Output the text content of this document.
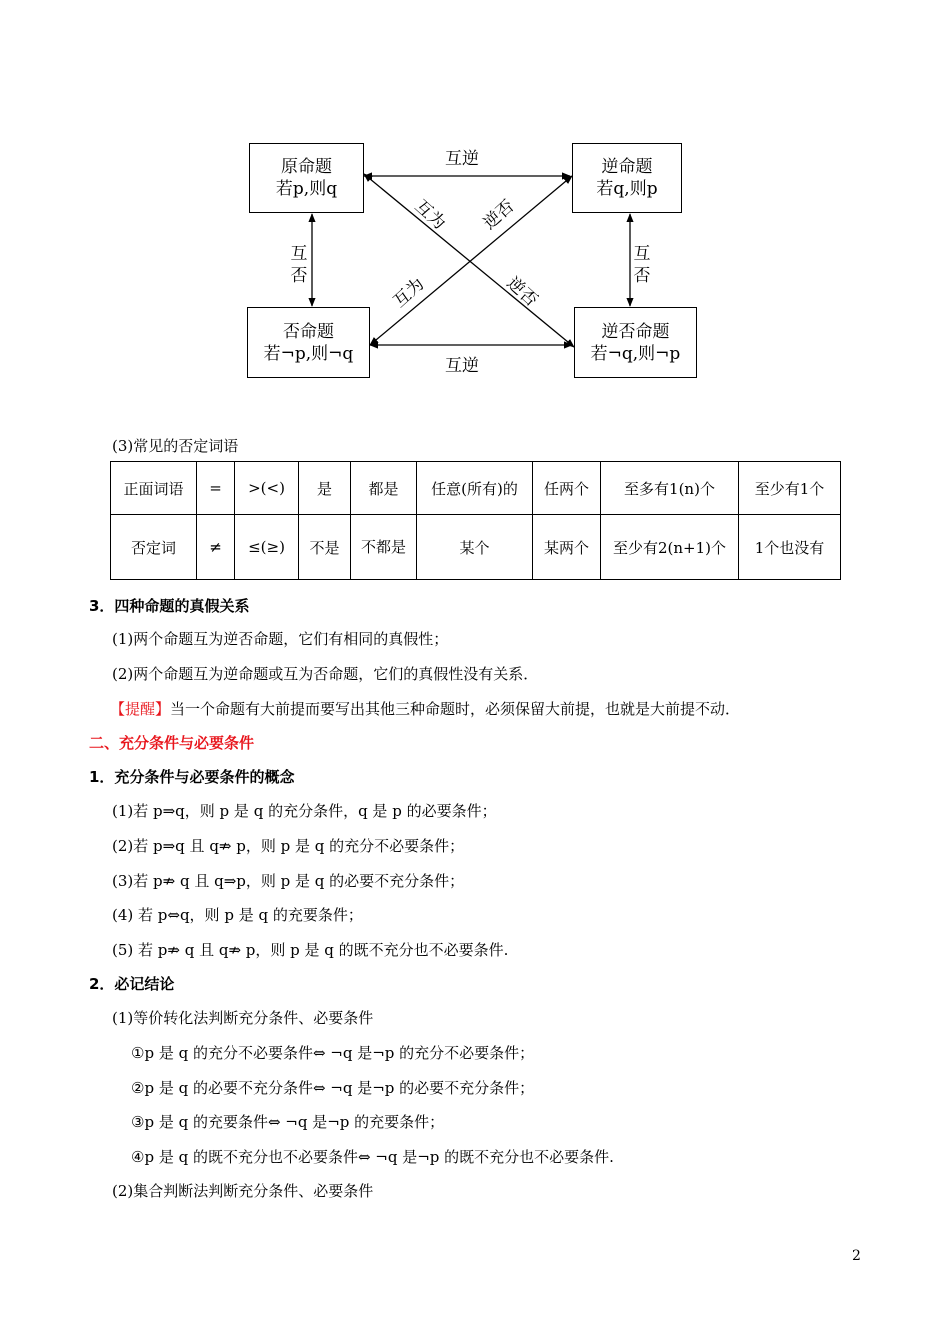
原命题
若p,则q
逆命题
若q,则p
否命题
若¬p,则¬q
逆否命题
若¬q,则¬p
互逆
互逆
互否
互否
互为
逆否
互为
逆否
(3)常见的否定词语
正面词语	=	>(<)	是	都是	任意(所有)的	任两个	至多有1(n)个	至少有1个
否定词	≠	≤(≥)	不是	不都是	某个	某两个	至少有2(n+1)个	1个也没有
3．四种命题的真假关系
(1)两个命题互为逆否命题，它们有相同的真假性；
(2)两个命题互为逆命题或互为否命题，它们的真假性没有关系．
【提醒】当一个命题有大前提而要写出其他三种命题时，必须保留大前提，也就是大前提不动．
二、充分条件与必要条件
1．充分条件与必要条件的概念
(1)若 p⇒q，则 p 是 q 的充分条件，q 是 p 的必要条件；
(2)若 p⇒q 且 q⇏ p，则 p 是 q 的充分不必要条件；
(3)若 p⇏ q 且 q⇒p，则 p 是 q 的必要不充分条件；
(4) 若 p⇔q，则 p 是 q 的充要条件；
(5) 若 p⇏ q 且 q⇏ p，则 p 是 q 的既不充分也不必要条件.
2．必记结论
(1)等价转化法判断充分条件、必要条件
①p 是 q 的充分不必要条件⇔ ¬q 是¬p 的充分不必要条件；
②p 是 q 的必要不充分条件⇔ ¬q 是¬p 的必要不充分条件；
③p 是 q 的充要条件⇔ ¬q 是¬p 的充要条件；
④p 是 q 的既不充分也不必要条件⇔ ¬q 是¬p 的既不充分也不必要条件.
(2)集合判断法判断充分条件、必要条件
2
